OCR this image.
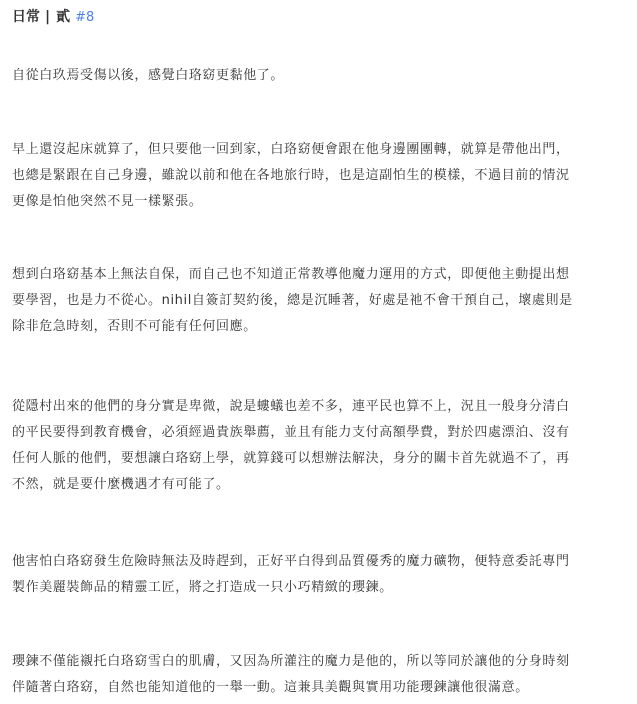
日常 | 貳 #8

自從白玖焉受傷以後，感覺白珞窈更黏他了。

早上還沒起床就算了，但只要他一回到家，白珞窈便會跟在他身邊團團轉，就算是帶他出門，
也總是緊跟在自己身邊，雖說以前和他在各地旅行時，也是這副怕生的模樣，不過目前的情況
更像是怕他突然不見一樣緊張。

想到白珞窈基本上無法自保，而自己也不知道正常教導他魔力運用的方式，即便他主動提出想
要學習，也是力不從心。nihil自簽訂契約後，總是沉睡著，好處是祂不會干預自己，壞處則是
除非危急時刻，否則不可能有任何回應。

從隱村出來的他們的身分實是卑微，說是螻蟻也差不多，連平民也算不上，況且一般身分清白
的平民要得到教育機會，必須經過貴族舉薦，並且有能力支付高額學費，對於四處漂泊、沒有
任何人脈的他們，要想讓白珞窈上學，就算錢可以想辦法解決，身分的關卡首先就過不了，再
不然，就是要什麼機遇才有可能了。

他害怕白珞窈發生危險時無法及時趕到，正好平白得到品質優秀的魔力礦物，便特意委託專門
製作美麗裝飾品的精靈工匠，將之打造成一只小巧精緻的瓔鍊。

瓔鍊不僅能襯托白珞窈雪白的肌膚，又因為所灌注的魔力是他的，所以等同於讓他的分身時刻
伴隨著白珞窈，自然也能知道他的一舉一動。這兼具美觀與實用功能瓔鍊讓他很滿意。
